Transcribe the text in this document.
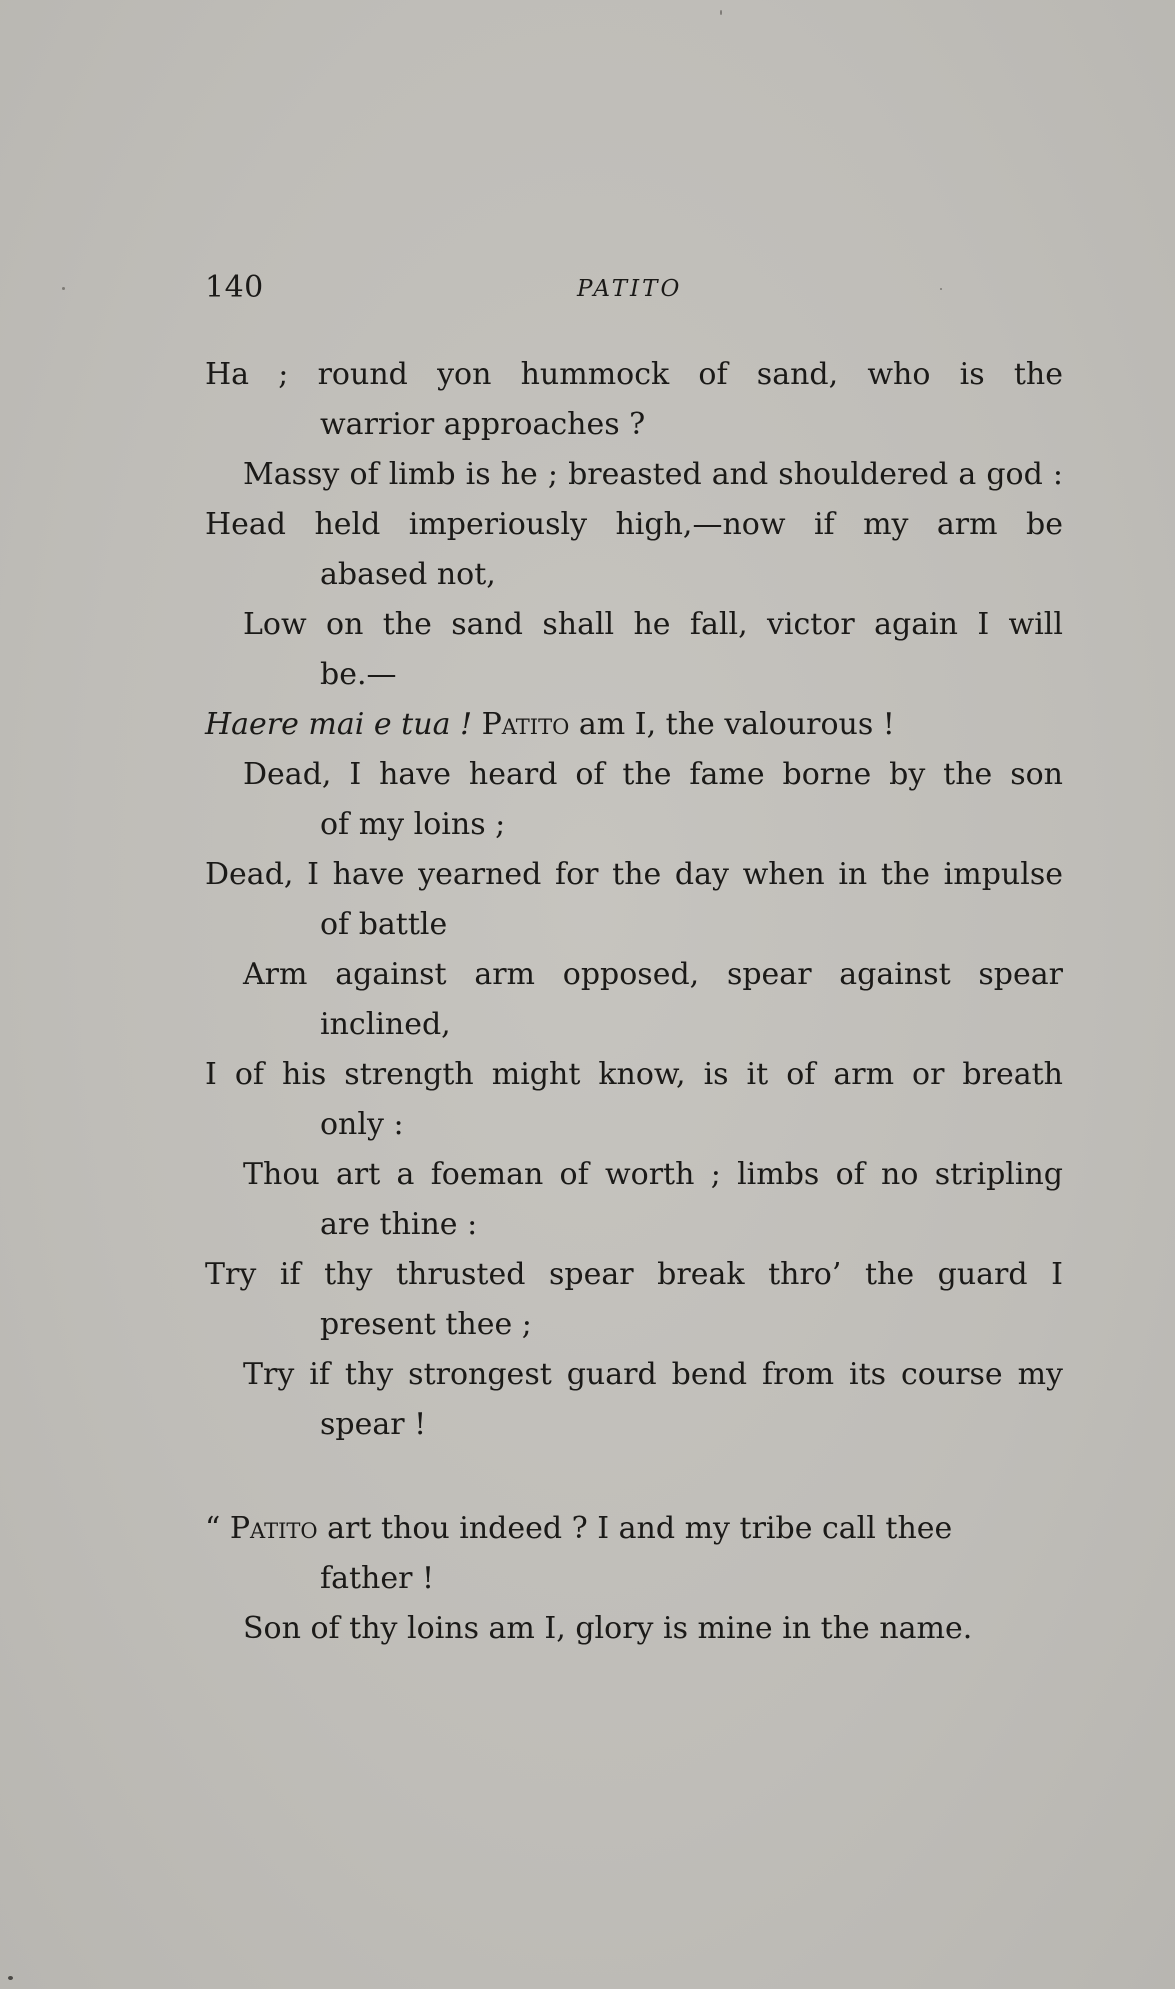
140	PATITO
Ha ; round yon hummock of sand, who is the
warrior approaches ?
Massy of limb is he ; breasted and shouldered a god :
Head held imperiously high,—now if my arm be
abased not,
Low on the sand shall he fall, victor again I will
be.—
Haere mai e tua ! Patito am I, the valourous !
Dead, I have heard of the fame borne by the son
of my loins ;
Dead, I have yearned for the day when in the impulse
of battle
Arm against arm opposed, spear against spear
inclined,
I of his strength might know, is it of arm or breath
only :
Thou art a foeman of worth ; limbs of no stripling
are thine :
Try if thy thrusted spear break thro’ the guard I
present thee ;
Try if thy strongest guard bend from its course my
spear !
“ Patito art thou indeed ? I and my tribe call thee
father !
Son of thy loins am I, glory is mine in the name.
